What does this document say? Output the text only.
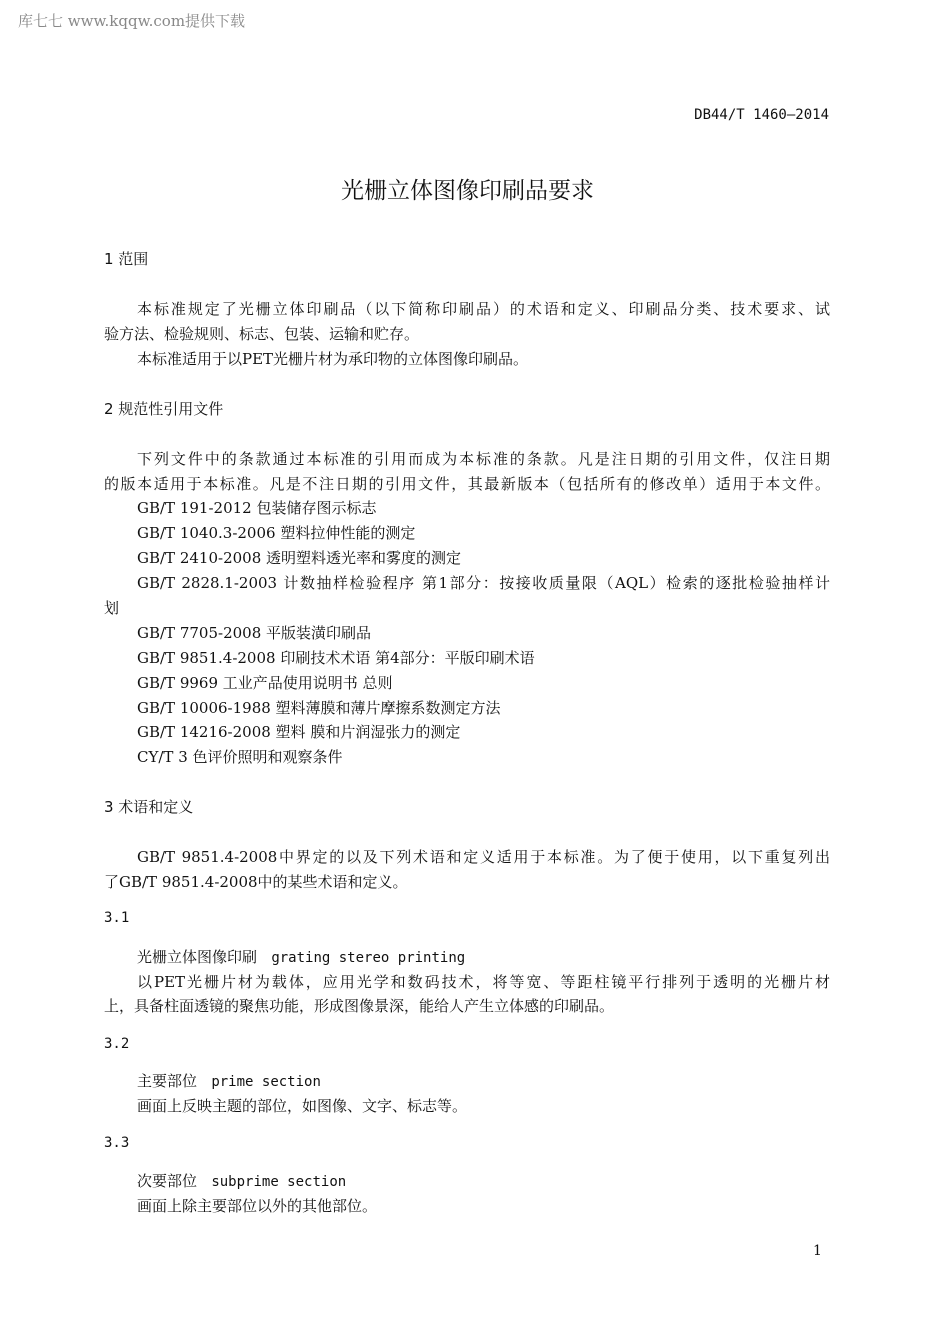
库七七 www.kqqw.com提供下载
DB44/T 1460—2014
光栅立体图像印刷品要求
1 范围
本标准规定了光栅立体印刷品（以下简称印刷品）的术语和定义、印刷品分类、技术要求、试
验方法、检验规则、标志、包装、运输和贮存。
本标准适用于以PET光栅片材为承印物的立体图像印刷品。
2 规范性引用文件
下列文件中的条款通过本标准的引用而成为本标准的条款。凡是注日期的引用文件，仅注日期
的版本适用于本标准。凡是不注日期的引用文件，其最新版本（包括所有的修改单）适用于本文件。
GB/T 191-2012 包装储存图示标志
GB/T 1040.3-2006 塑料拉伸性能的测定
GB/T 2410-2008 透明塑料透光率和雾度的测定
GB/T 2828.1-2003 计数抽样检验程序 第1部分：按接收质量限（AQL）检索的逐批检验抽样计
划
GB/T 7705-2008 平版装潢印刷品
GB/T 9851.4-2008 印刷技术术语 第4部分：平版印刷术语
GB/T 9969 工业产品使用说明书 总则
GB/T 10006-1988 塑料薄膜和薄片摩擦系数测定方法
GB/T 14216-2008 塑料 膜和片润湿张力的测定
CY/T 3 色评价照明和观察条件
3 术语和定义
GB/T 9851.4-2008中界定的以及下列术语和定义适用于本标准。为了便于使用，以下重复列出
了GB/T 9851.4-2008中的某些术语和定义。
3.1
光栅立体图像印刷 grating stereo printing
以PET光栅片材为载体，应用光学和数码技术，将等宽、等距柱镜平行排列于透明的光栅片材
上，具备柱面透镜的聚焦功能，形成图像景深，能给人产生立体感的印刷品。
3.2
主要部位 prime section
画面上反映主题的部位，如图像、文字、标志等。
3.3
次要部位 subprime section
画面上除主要部位以外的其他部位。
1
